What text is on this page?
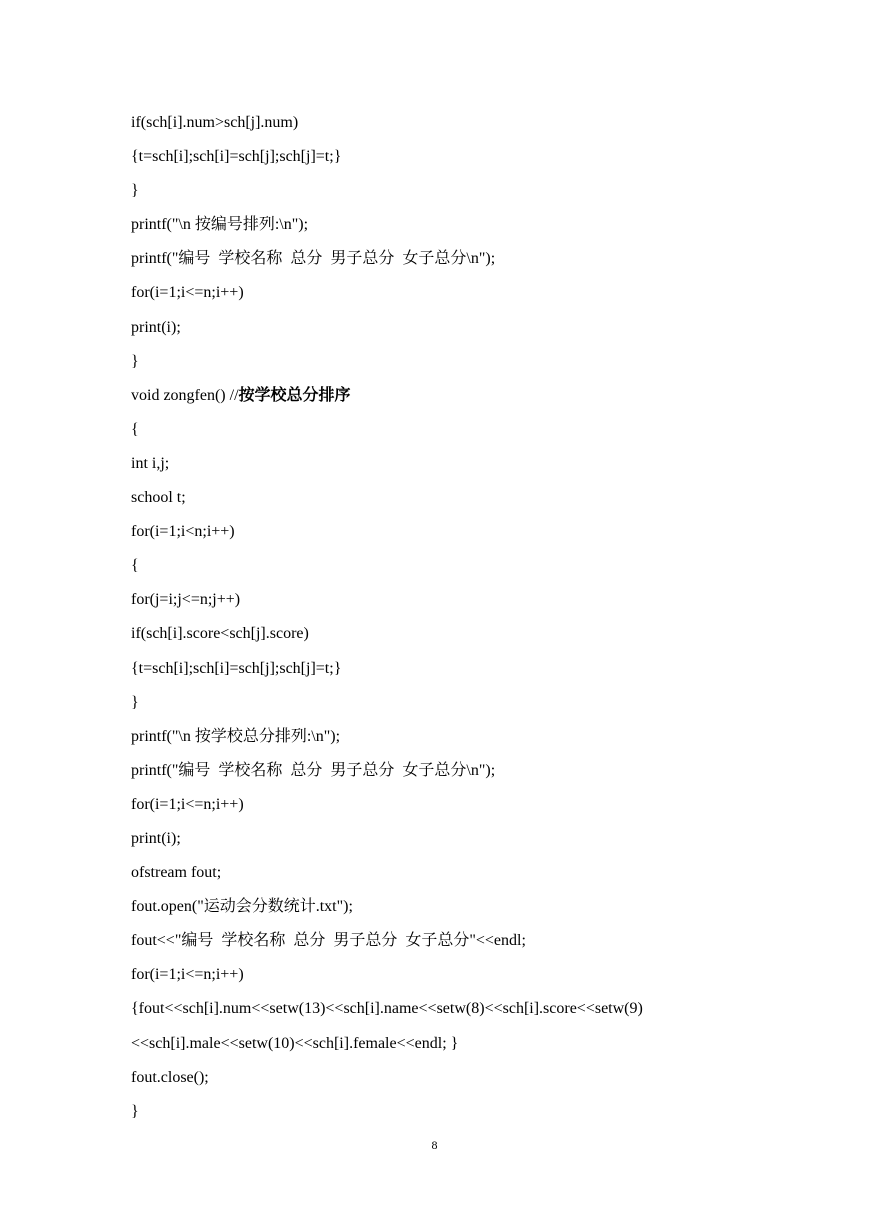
if(sch[i].num>sch[j].num)
{t=sch[i];sch[i]=sch[j];sch[j]=t;}
}
printf("\n 按编号排列:\n");
printf("编号  学校名称  总分  男子总分  女子总分\n");
for(i=1;i<=n;i++)
print(i);
}
void zongfen() //按学校总分排序
{
int i,j;
school t;
for(i=1;i<n;i++)
{
for(j=i;j<=n;j++)
if(sch[i].score<sch[j].score)
{t=sch[i];sch[i]=sch[j];sch[j]=t;}
}
printf("\n 按学校总分排列:\n");
printf("编号  学校名称  总分  男子总分  女子总分\n");
for(i=1;i<=n;i++)
print(i);
ofstream fout;
fout.open("运动会分数统计.txt");
fout<<"编号  学校名称  总分  男子总分  女子总分"<<endl;
for(i=1;i<=n;i++)
{fout<<sch[i].num<<setw(13)<<sch[i].name<<setw(8)<<sch[i].score<<setw(9)
<<sch[i].male<<setw(10)<<sch[i].female<<endl; }
fout.close();
}
8
